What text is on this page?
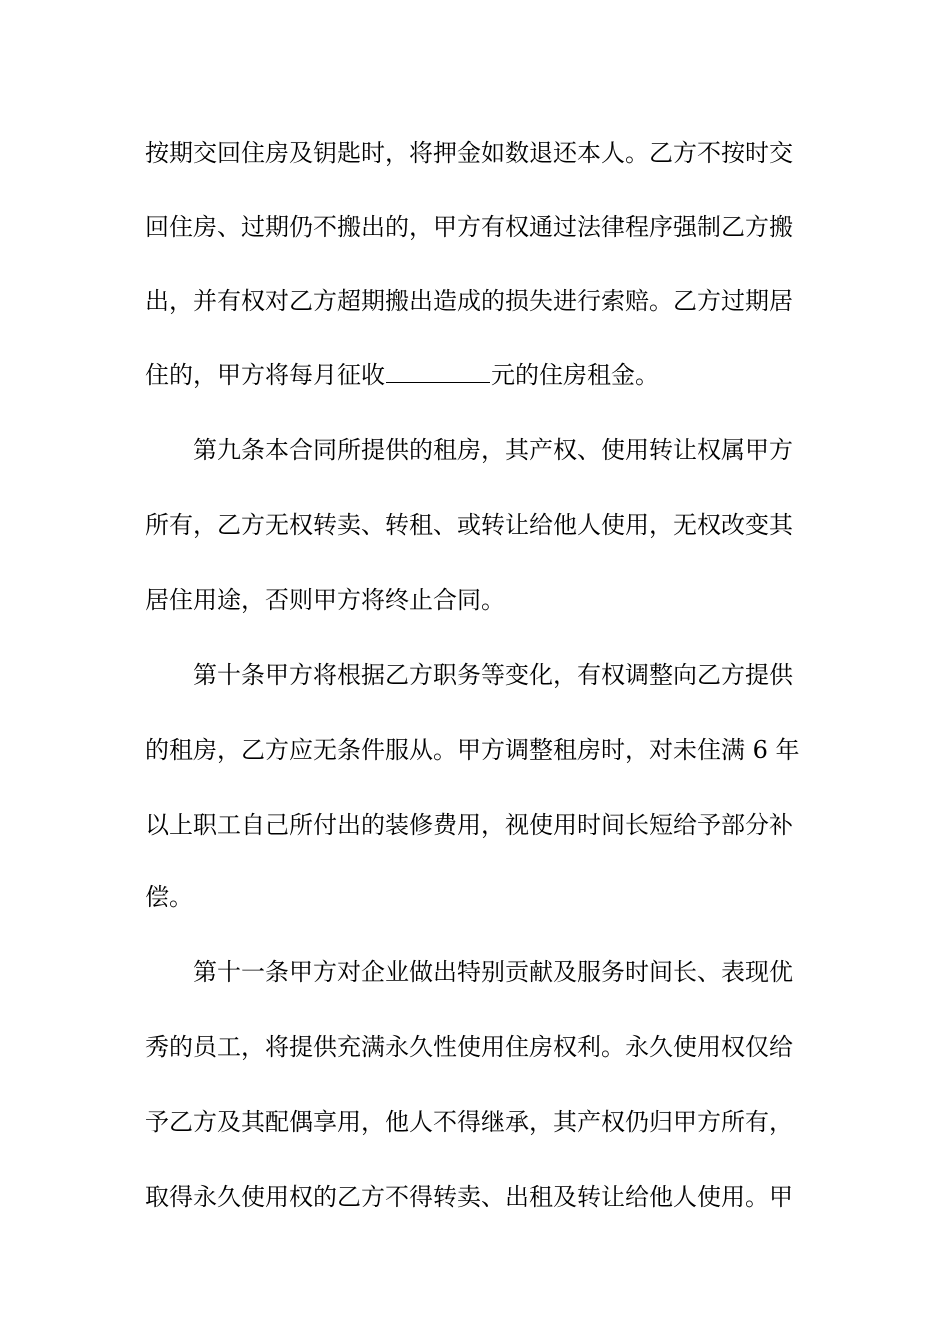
按期交回住房及钥匙时，将押金如数退还本人。乙方不按时交
回住房、过期仍不搬出的，甲方有权通过法律程序强制乙方搬
出，并有权对乙方超期搬出造成的损失进行索赔。乙方过期居
住的，甲方将每月征收	元的住房租金。
第九条本合同所提供的租房，其产权、使用转让权属甲方
所有，乙方无权转卖、转租、或转让给他人使用，无权改变其
居住用途，否则甲方将终止合同。
第十条甲方将根据乙方职务等变化，有权调整向乙方提供
的租房，乙方应无条件服从。甲方调整租房时，对未住满 6 年
以上职工自己所付出的装修费用，视使用时间长短给予部分补
偿。
第十一条甲方对企业做出特别贡献及服务时间长、表现优
秀的员工，将提供充满永久性使用住房权利。永久使用权仅给
予乙方及其配偶享用，他人不得继承，其产权仍归甲方所有，
取得永久使用权的乙方不得转卖、出租及转让给他人使用。甲
